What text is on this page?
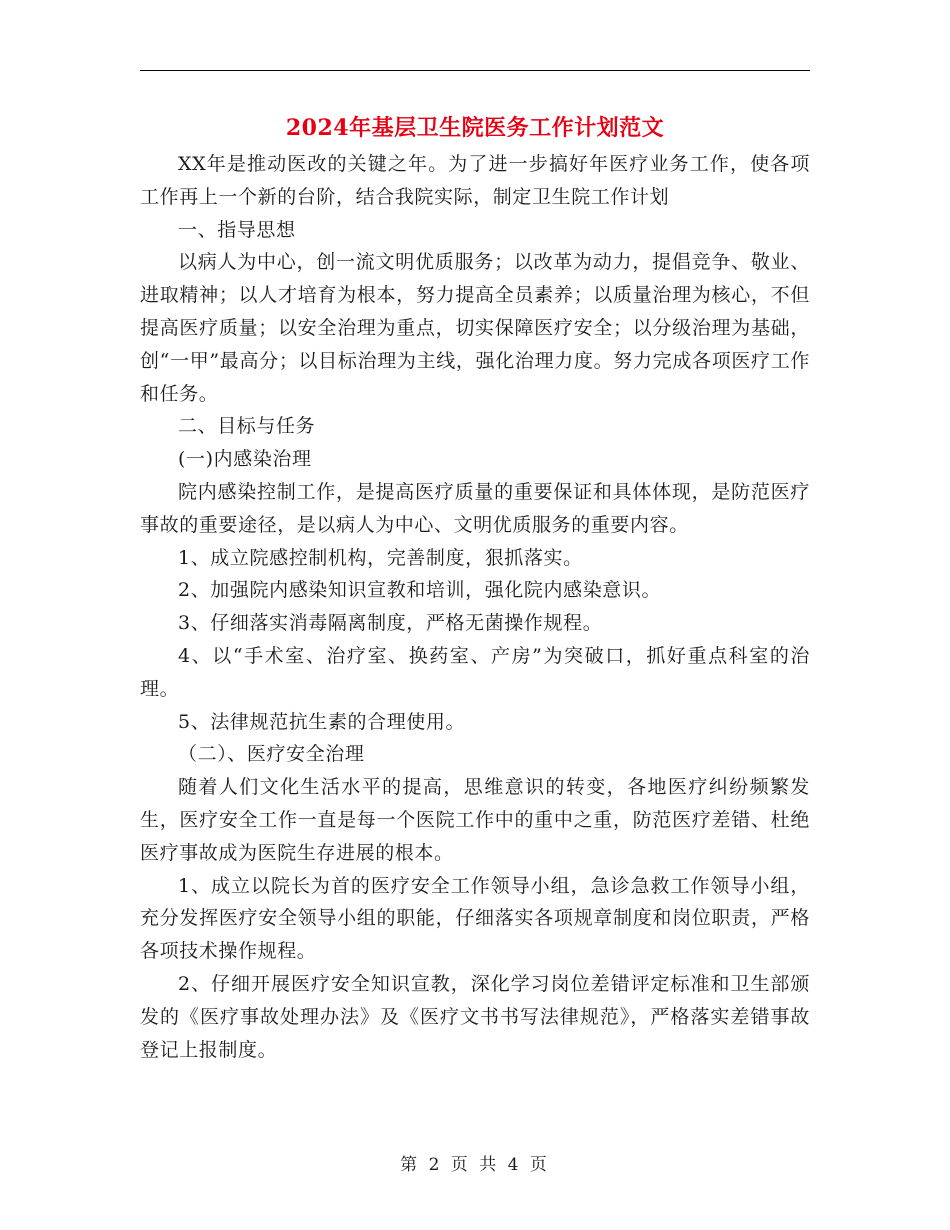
2024年基层卫生院医务工作计划范文

XX年是推动医改的关键之年。为了进一步搞好年医疗业务工作，使各项工作再上一个新的台阶，结合我院实际，制定卫生院工作计划

一、指导思想

以病人为中心，创一流文明优质服务；以改革为动力，提倡竞争、敬业、进取精神；以人才培育为根本，努力提高全员素养；以质量治理为核心，不但提高医疗质量；以安全治理为重点，切实保障医疗安全；以分级治理为基础，创“一甲”最高分；以目标治理为主线，强化治理力度。努力完成各项医疗工作和任务。

二、目标与任务

(一)内感染治理

院内感染控制工作，是提高医疗质量的重要保证和具体体现，是防范医疗事故的重要途径，是以病人为中心、文明优质服务的重要内容。

1、成立院感控制机构，完善制度，狠抓落实。

2、加强院内感染知识宣教和培训，强化院内感染意识。

3、仔细落实消毒隔离制度，严格无菌操作规程。

4、以“手术室、治疗室、换药室、产房”为突破口，抓好重点科室的治理。

5、法律规范抗生素的合理使用。

（二）、医疗安全治理

随着人们文化生活水平的提高，思维意识的转变，各地医疗纠纷频繁发生，医疗安全工作一直是每一个医院工作中的重中之重，防范医疗差错、杜绝医疗事故成为医院生存进展的根本。

1、成立以院长为首的医疗安全工作领导小组，急诊急救工作领导小组，充分发挥医疗安全领导小组的职能，仔细落实各项规章制度和岗位职责，严格各项技术操作规程。

2、仔细开展医疗安全知识宣教，深化学习岗位差错评定标准和卫生部颁发的《医疗事故处理办法》及《医疗文书书写法律规范》，严格落实差错事故登记上报制度。

第 2 页 共 4 页
